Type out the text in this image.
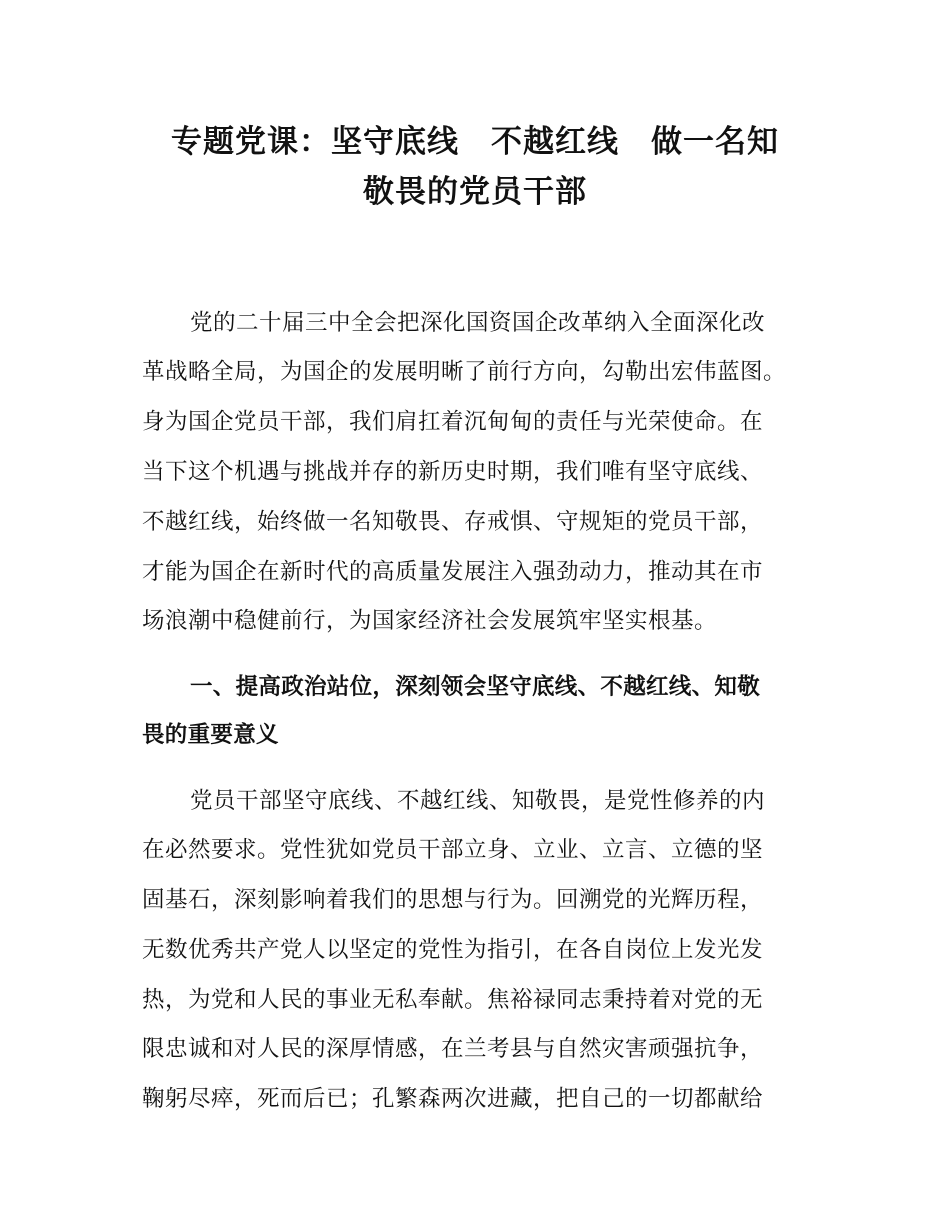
专题党课：坚守底线　不越红线　做一名知
敬畏的党员干部

党的二十届三中全会把深化国资国企改革纳入全面深化改

革战略全局，为国企的发展明晰了前行方向，勾勒出宏伟蓝图。

身为国企党员干部，我们肩扛着沉甸甸的责任与光荣使命。在

当下这个机遇与挑战并存的新历史时期，我们唯有坚守底线、

不越红线，始终做一名知敬畏、存戒惧、守规矩的党员干部，

才能为国企在新时代的高质量发展注入强劲动力，推动其在市

场浪潮中稳健前行，为国家经济社会发展筑牢坚实根基。

一、提高政治站位，深刻领会坚守底线、不越红线、知敬
畏的重要意义

党员干部坚守底线、不越红线、知敬畏，是党性修养的内

在必然要求。党性犹如党员干部立身、立业、立言、立德的坚

固基石，深刻影响着我们的思想与行为。回溯党的光辉历程，

无数优秀共产党人以坚定的党性为指引，在各自岗位上发光发

热，为党和人民的事业无私奉献。焦裕禄同志秉持着对党的无

限忠诚和对人民的深厚情感，在兰考县与自然灾害顽强抗争，

鞠躬尽瘁，死而后已；孔繁森两次进藏，把自己的一切都献给
